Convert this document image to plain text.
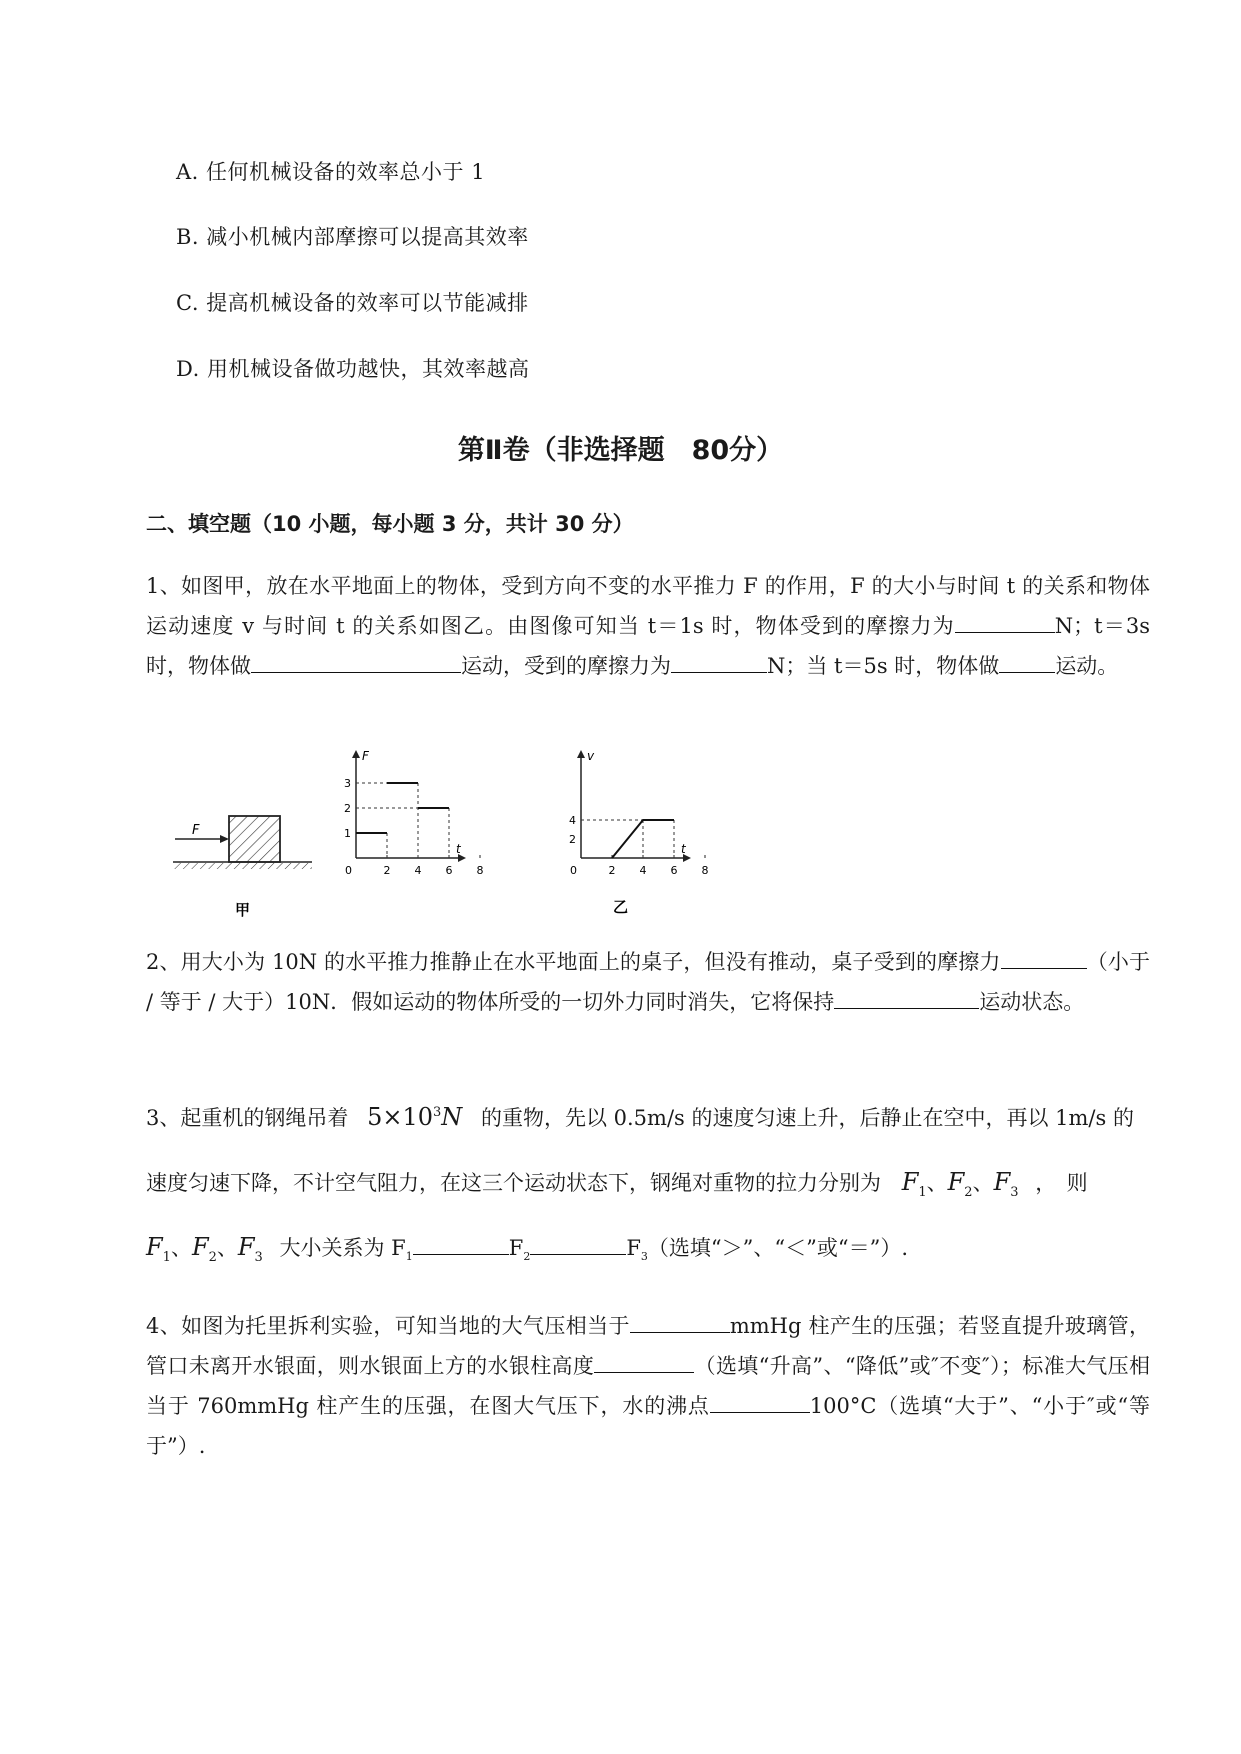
A. 任何机械设备的效率总小于 1
B. 减小机械内部摩擦可以提高其效率
C. 提高机械设备的效率可以节能减排
D. 用机械设备做功越快，其效率越高
第Ⅱ卷（非选择题　80分）
二、填空题（10 小题，每小题 3 分，共计 30 分）
1、如图甲，放在水平地面上的物体，受到方向不变的水平推力 F 的作用，F 的大小与时间 t 的关系和物体运动速度 v 与时间 t 的关系如图乙。由图像可知当 t＝1s 时，物体受到的摩擦力为	N；t＝3s 时，物体做	运动，受到的摩擦力为	N；当 t＝5s 时，物体做	运动。
F
甲
F
t
0	2 4 6 8
1
2
3
v
t
0	2 4 6 8
2
4
乙
2、用大小为 10N 的水平推力推静止在水平地面上的桌子，但没有推动，桌子受到的摩擦力	（小于 / 等于 / 大于）10N．假如运动的物体所受的一切外力同时消失，它将保持	运动状态。
3、起重机的钢绳吊着 $5\times 10^3N$ 的重物，先以 0.5m/s 的速度匀速上升，后静止在空中，再以 1m/s 的
速度匀速下降，不计空气阻力，在这三个运动状态下，钢绳对重物的拉力分别为 $F_1$、$F_2$、$F_3$ ，　则
$F_1$、$F_2$、$F_3$ 大小关系为 $F_1$	$F_2$	$F_3$（选填“＞”、“＜”或“＝”）.
4、如图为托里拆利实验，可知当地的大气压相当于	mmHg 柱产生的压强；若竖直提升玻璃管，管口未离开水银面，则水银面上方的水银柱高度	（选填“升高”、“降低”或″不变″）；标准大气压相当于 760mmHg 柱产生的压强，在图大气压下，水的沸点	100°C（选填“大于”、“小于″或“等于”）.
